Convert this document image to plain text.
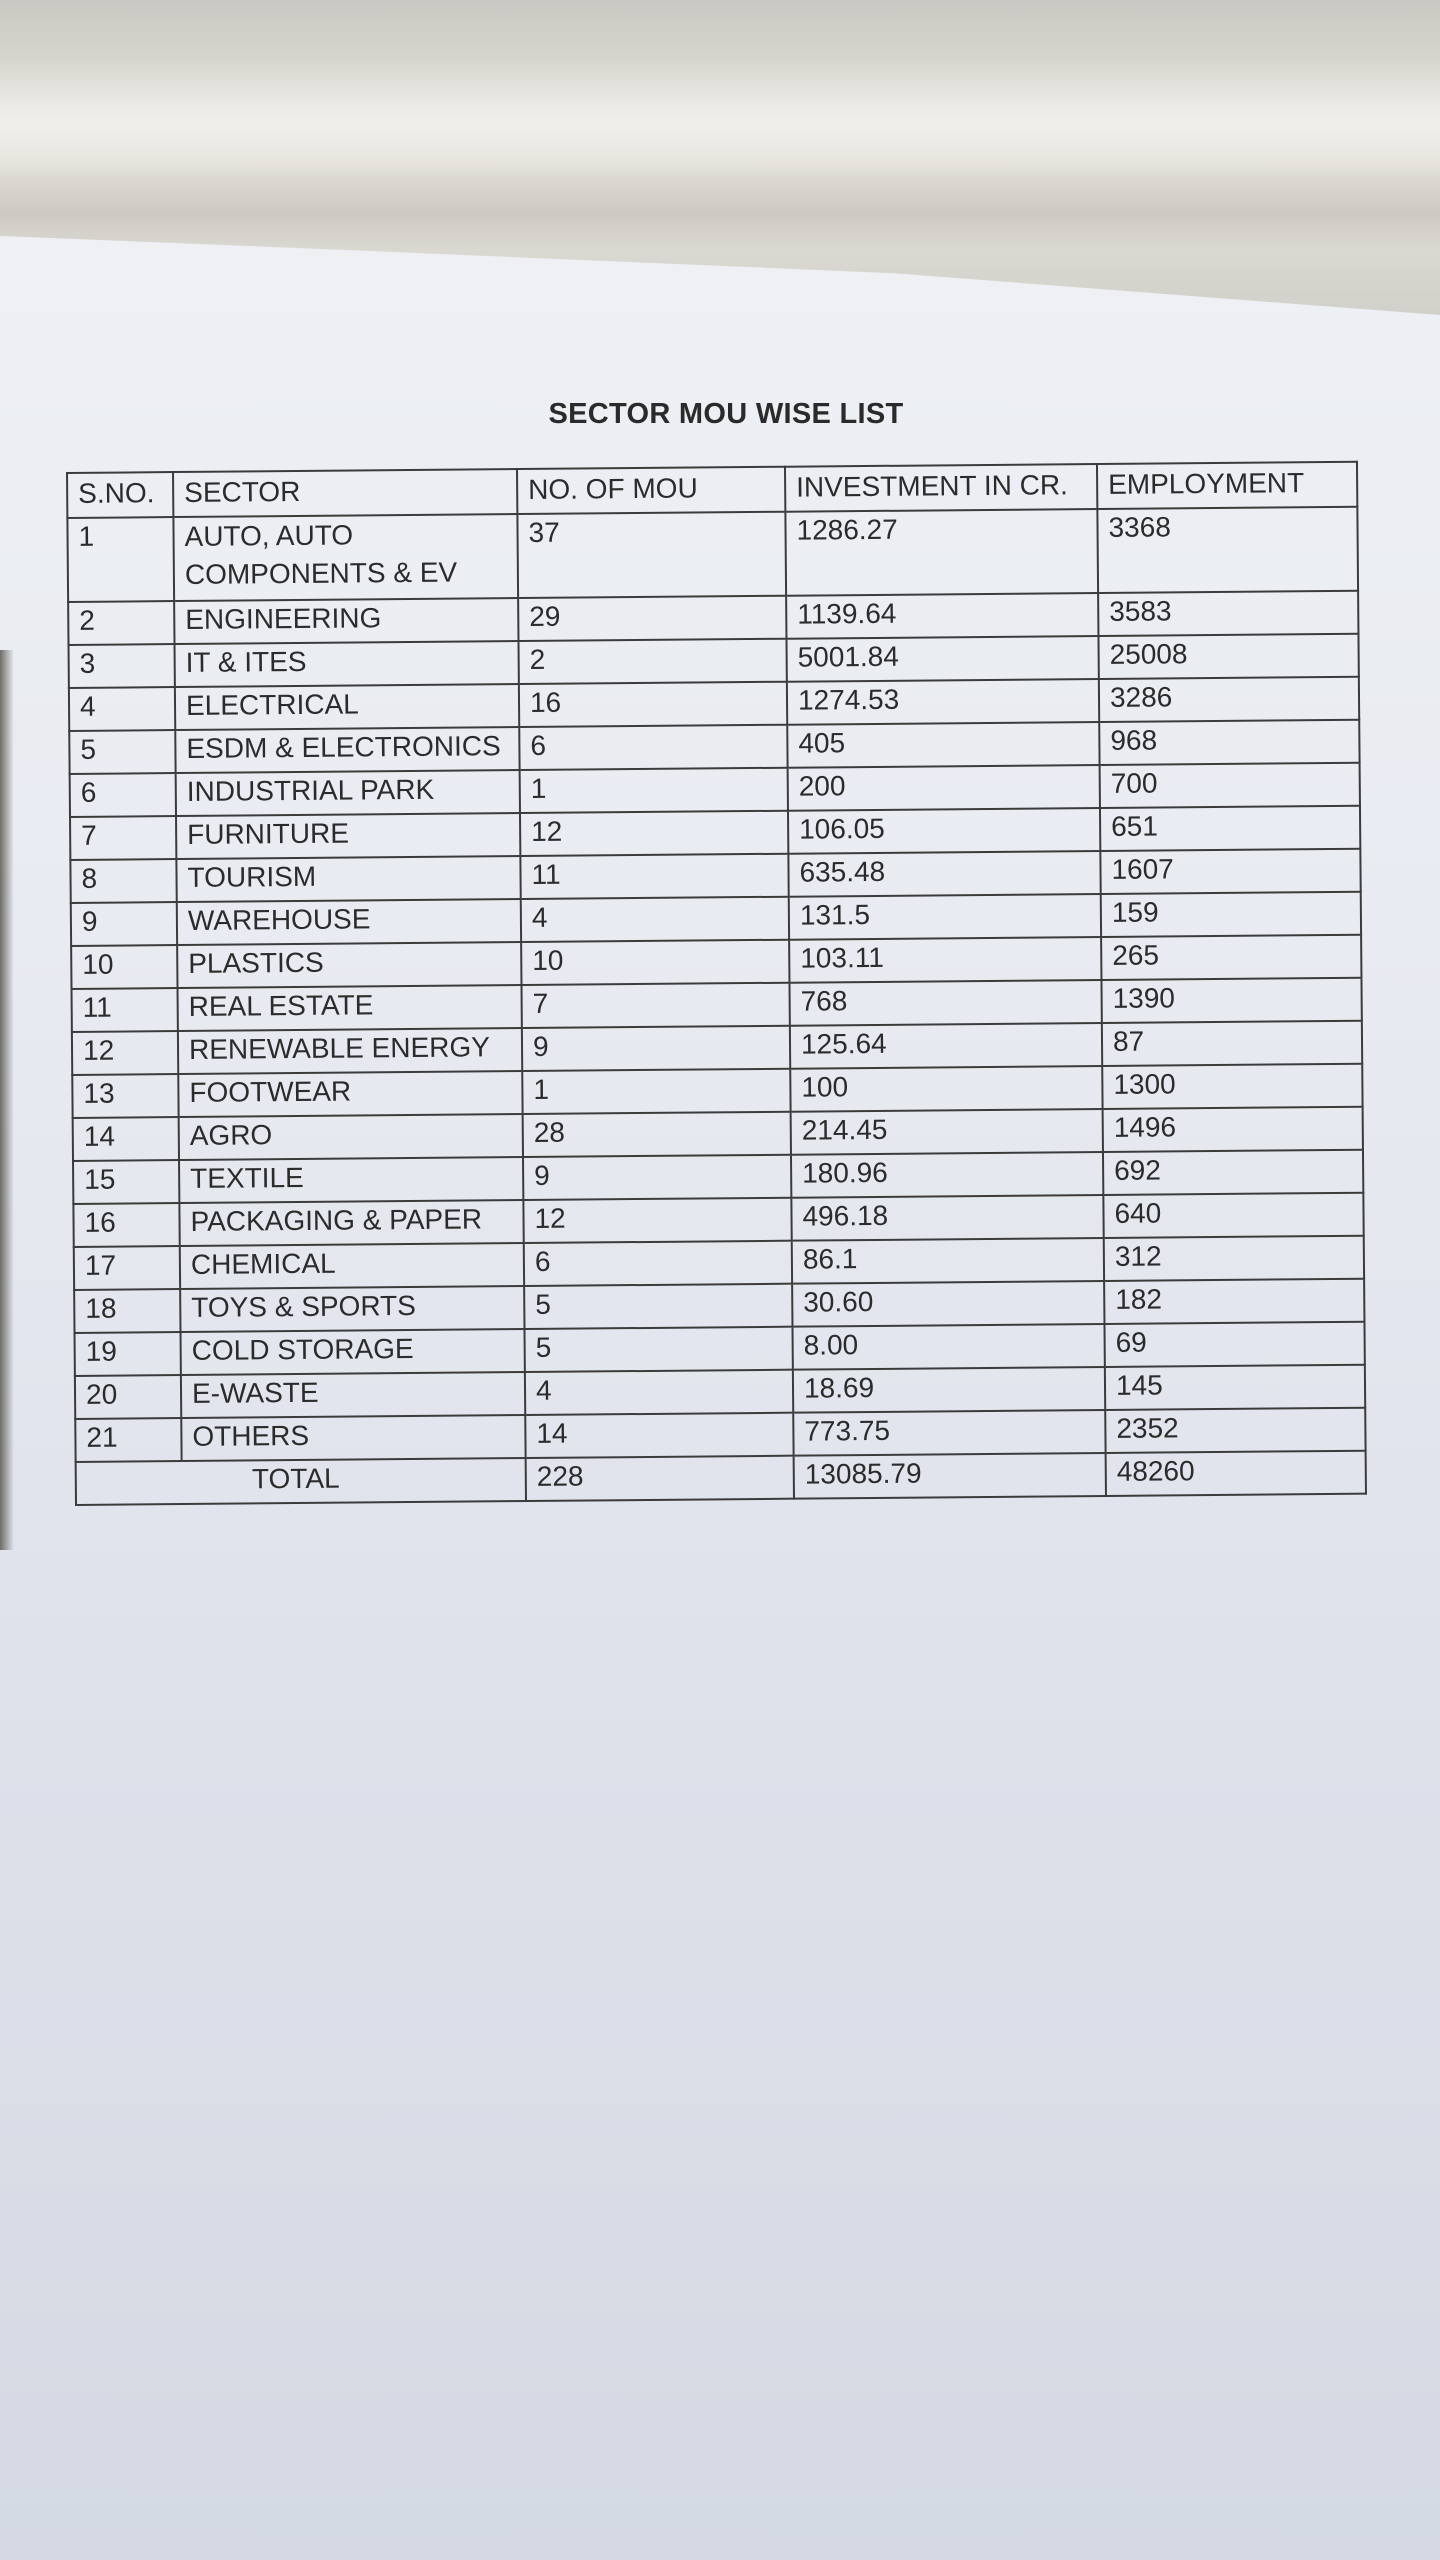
SECTOR MOU WISE LIST
S.NO.	SECTOR	NO. OF MOU	INVESTMENT IN CR.	EMPLOYMENT
1	AUTO, AUTO COMPONENTS & EV	37	1286.27	3368
2	ENGINEERING	29	1139.64	3583
3	IT & ITES	2	5001.84	25008
4	ELECTRICAL	16	1274.53	3286
5	ESDM & ELECTRONICS	6	405	968
6	INDUSTRIAL PARK	1	200	700
7	FURNITURE	12	106.05	651
8	TOURISM	11	635.48	1607
9	WAREHOUSE	4	131.5	159
10	PLASTICS	10	103.11	265
11	REAL ESTATE	7	768	1390
12	RENEWABLE ENERGY	9	125.64	87
13	FOOTWEAR	1	100	1300
14	AGRO	28	214.45	1496
15	TEXTILE	9	180.96	692
16	PACKAGING & PAPER	12	496.18	640
17	CHEMICAL	6	86.1	312
18	TOYS & SPORTS	5	30.60	182
19	COLD STORAGE	5	8.00	69
20	E-WASTE	4	18.69	145
21	OTHERS	14	773.75	2352
TOTAL		228	13085.79	48260
